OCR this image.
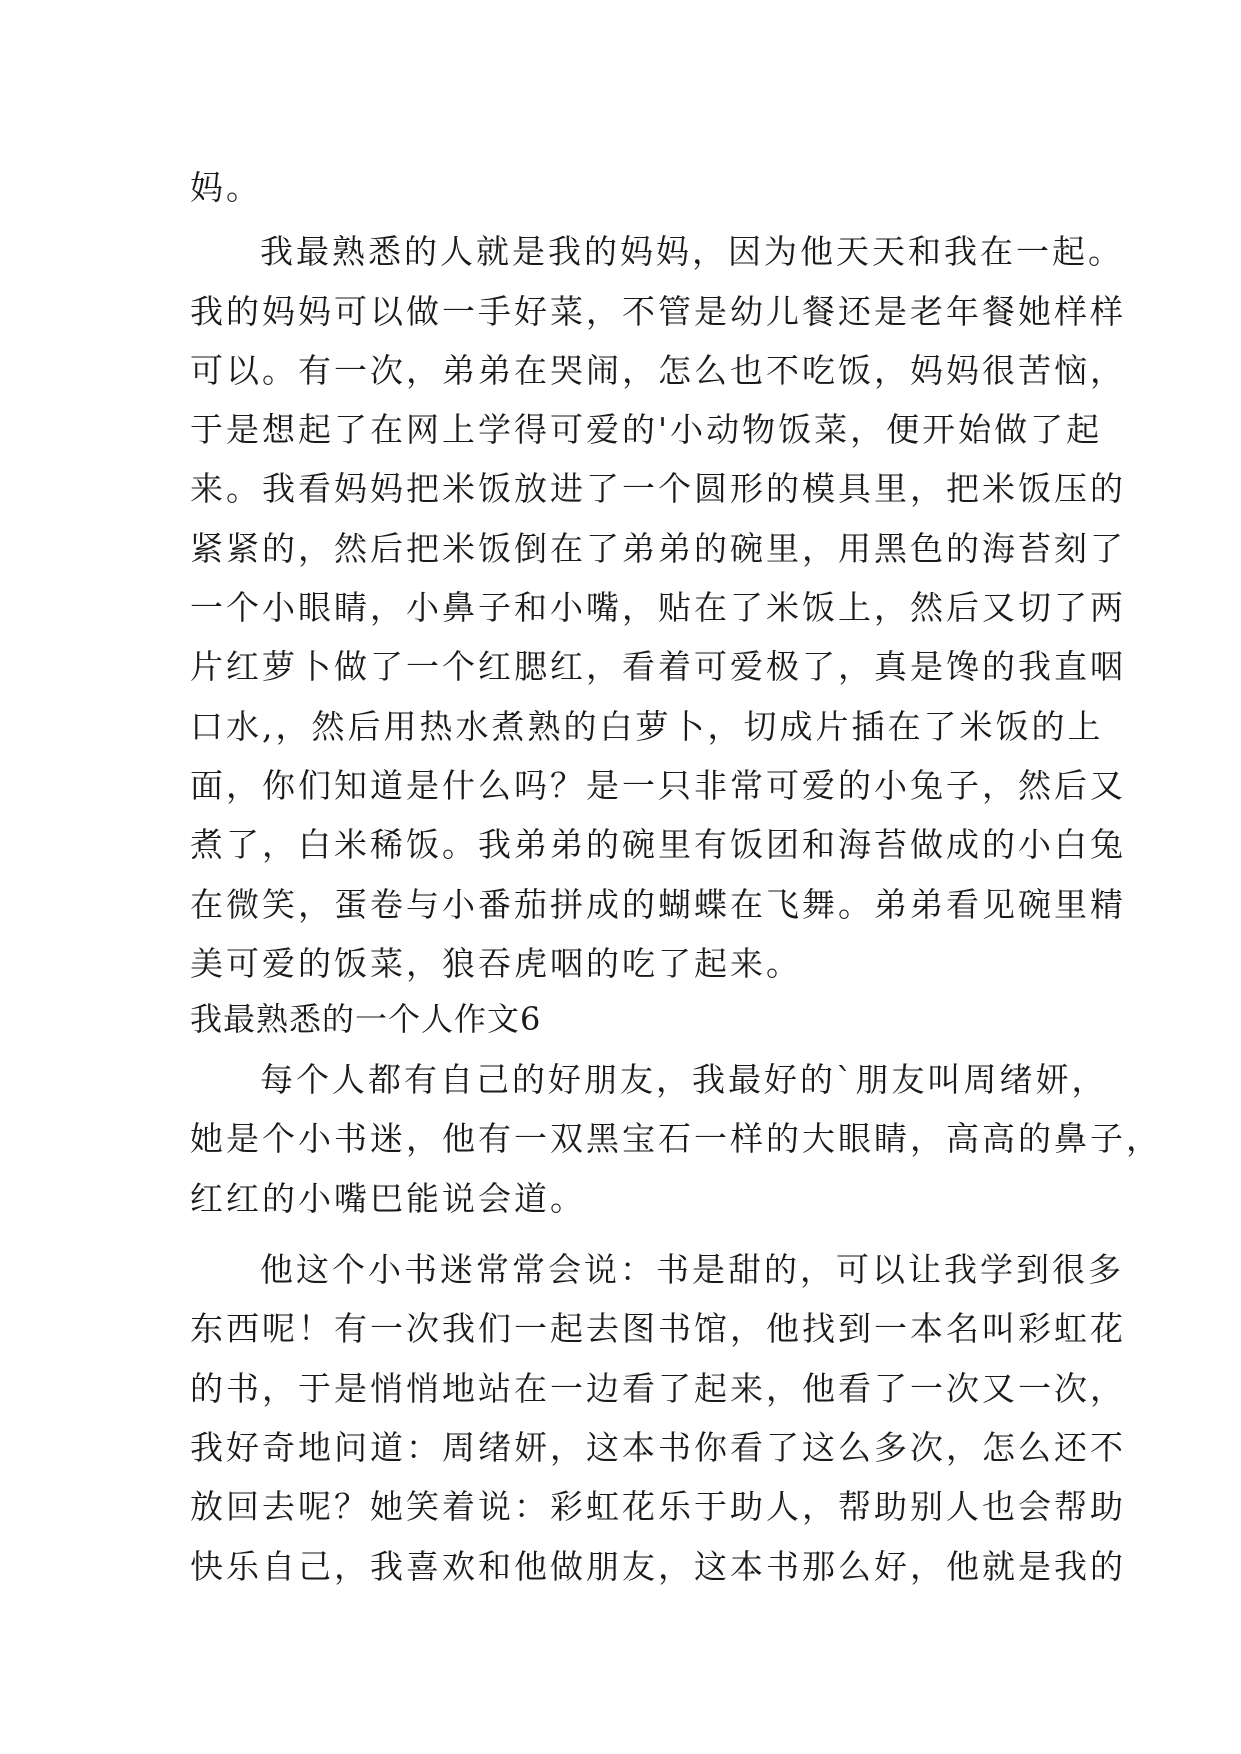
妈。
我最熟悉的人就是我的妈妈，因为他天天和我在一起。
我的妈妈可以做一手好菜，不管是幼儿餐还是老年餐她样样
可以。有一次，弟弟在哭闹，怎么也不吃饭，妈妈很苦恼，
于是想起了在网上学得可爱的'小动物饭菜，便开始做了起
来。我看妈妈把米饭放进了一个圆形的模具里，把米饭压的
紧紧的，然后把米饭倒在了弟弟的碗里，用黑色的海苔刻了
一个小眼睛，小鼻子和小嘴，贴在了米饭上，然后又切了两
片红萝卜做了一个红腮红，看着可爱极了，真是馋的我直咽
口水,，然后用热水煮熟的白萝卜，切成片插在了米饭的上
面，你们知道是什么吗？是一只非常可爱的小兔子，然后又
煮了，白米稀饭。我弟弟的碗里有饭团和海苔做成的小白兔
在微笑，蛋卷与小番茄拼成的蝴蝶在飞舞。弟弟看见碗里精
美可爱的饭菜，狼吞虎咽的吃了起来。
我最熟悉的一个人作文6
每个人都有自己的好朋友，我最好的`朋友叫周绪妍，
她是个小书迷，他有一双黑宝石一样的大眼睛，高高的鼻子，
红红的小嘴巴能说会道。
他这个小书迷常常会说：书是甜的，可以让我学到很多
东西呢！有一次我们一起去图书馆，他找到一本名叫彩虹花
的书，于是悄悄地站在一边看了起来，他看了一次又一次，
我好奇地问道：周绪妍，这本书你看了这么多次，怎么还不
放回去呢？她笑着说：彩虹花乐于助人，帮助别人也会帮助
快乐自己，我喜欢和他做朋友，这本书那么好，他就是我的
